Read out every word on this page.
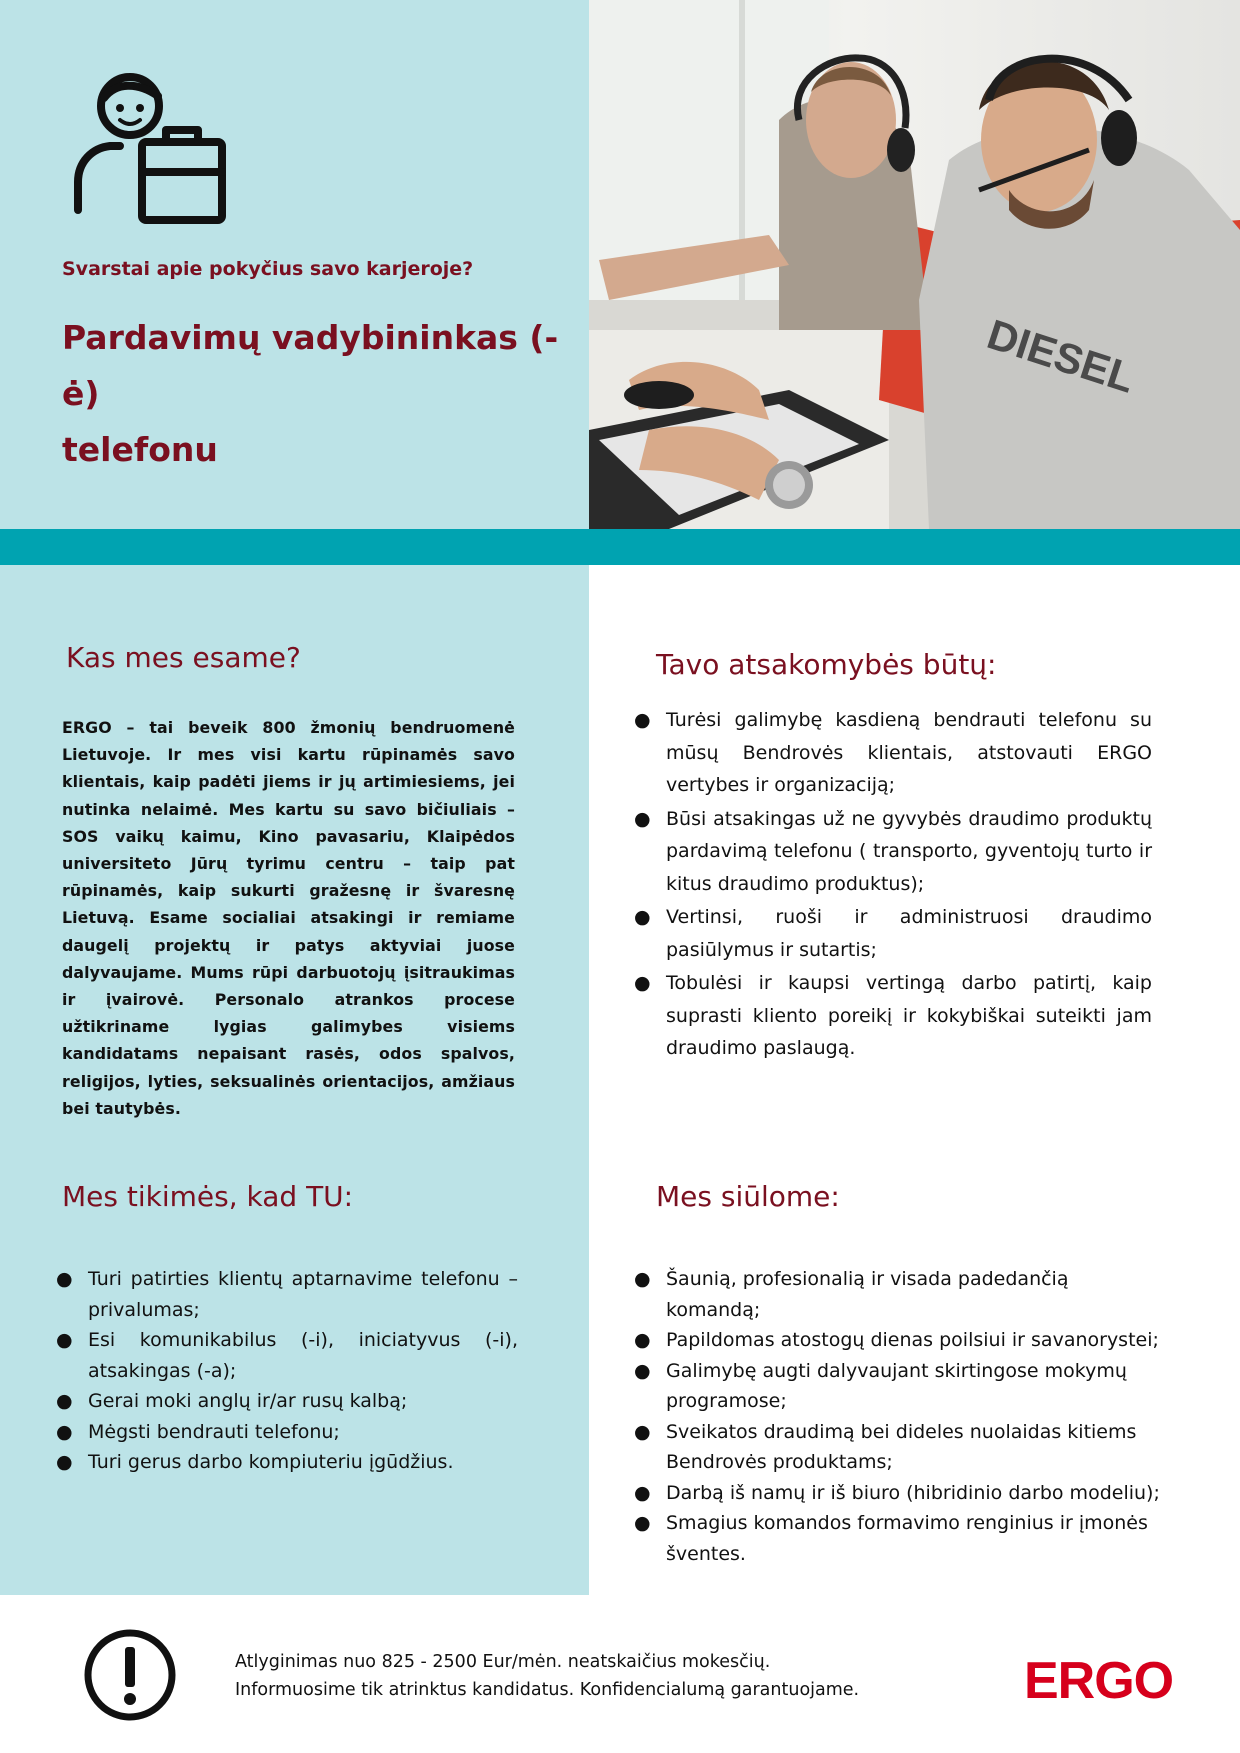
Svarstai apie pokyčius savo karjeroje?
Pardavimų vadybininkas (-ė)
telefonu
DIESEL
Kas mes esame?
ERGO – tai beveik 800 žmonių bendruomenė Lietuvoje. Ir mes visi kartu rūpinamės savo klientais, kaip padėti jiems ir jų artimiesiems, jei nutinka nelaimė. Mes kartu su savo bičiuliais – SOS vaikų kaimu, Kino pavasariu, Klaipėdos universiteto Jūrų tyrimu centru – taip pat rūpinamės, kaip sukurti gražesnę ir švaresnę Lietuvą. Esame socialiai atsakingi ir remiame daugelį projektų ir patys aktyviai juose dalyvaujame. Mums rūpi darbuotojų įsitraukimas ir įvairovė. Personalo atrankos procese užtikriname lygias galimybes visiems kandidatams nepaisant rasės, odos spalvos, religijos, lyties, seksualinės orientacijos, amžiaus bei tautybės.
Tavo atsakomybės būtų:
● Turėsi galimybę kasdieną bendrauti telefonu su mūsų Bendrovės klientais, atstovauti ERGO vertybes ir organizaciją;
● Būsi atsakingas už ne gyvybės draudimo produktų pardavimą telefonu ( transporto, gyventojų turto ir kitus draudimo produktus);
● Vertinsi, ruoši ir administruosi draudimo pasiūlymus ir sutartis;
● Tobulėsi ir kaupsi vertingą darbo patirtį, kaip suprasti kliento poreikį ir kokybiškai suteikti jam draudimo paslaugą.
Mes tikimės, kad TU:
● Turi patirties klientų aptarnavime telefonu – privalumas;
● Esi komunikabilus (-i), iniciatyvus (-i), atsakingas (-a);
● Gerai moki anglų ir/ar rusų kalbą;
● Mėgsti bendrauti telefonu;
● Turi gerus darbo kompiuteriu įgūdžius.
Mes siūlome:
● Šaunią, profesionalią ir visada padedančią komandą;
● Papildomas atostogų dienas poilsiui ir savanorystei;
● Galimybę augti dalyvaujant skirtingose mokymų programose;
● Sveikatos draudimą bei dideles nuolaidas kitiems Bendrovės produktams;
● Darbą iš namų ir iš biuro (hibridinio darbo modeliu);
● Smagius komandos formavimo renginius ir įmonės šventes.
Atlyginimas nuo 825 - 2500 Eur/mėn. neatskaičius mokesčių.
Informuosime tik atrinktus kandidatus. Konfidencialumą garantuojame.	ERGO
